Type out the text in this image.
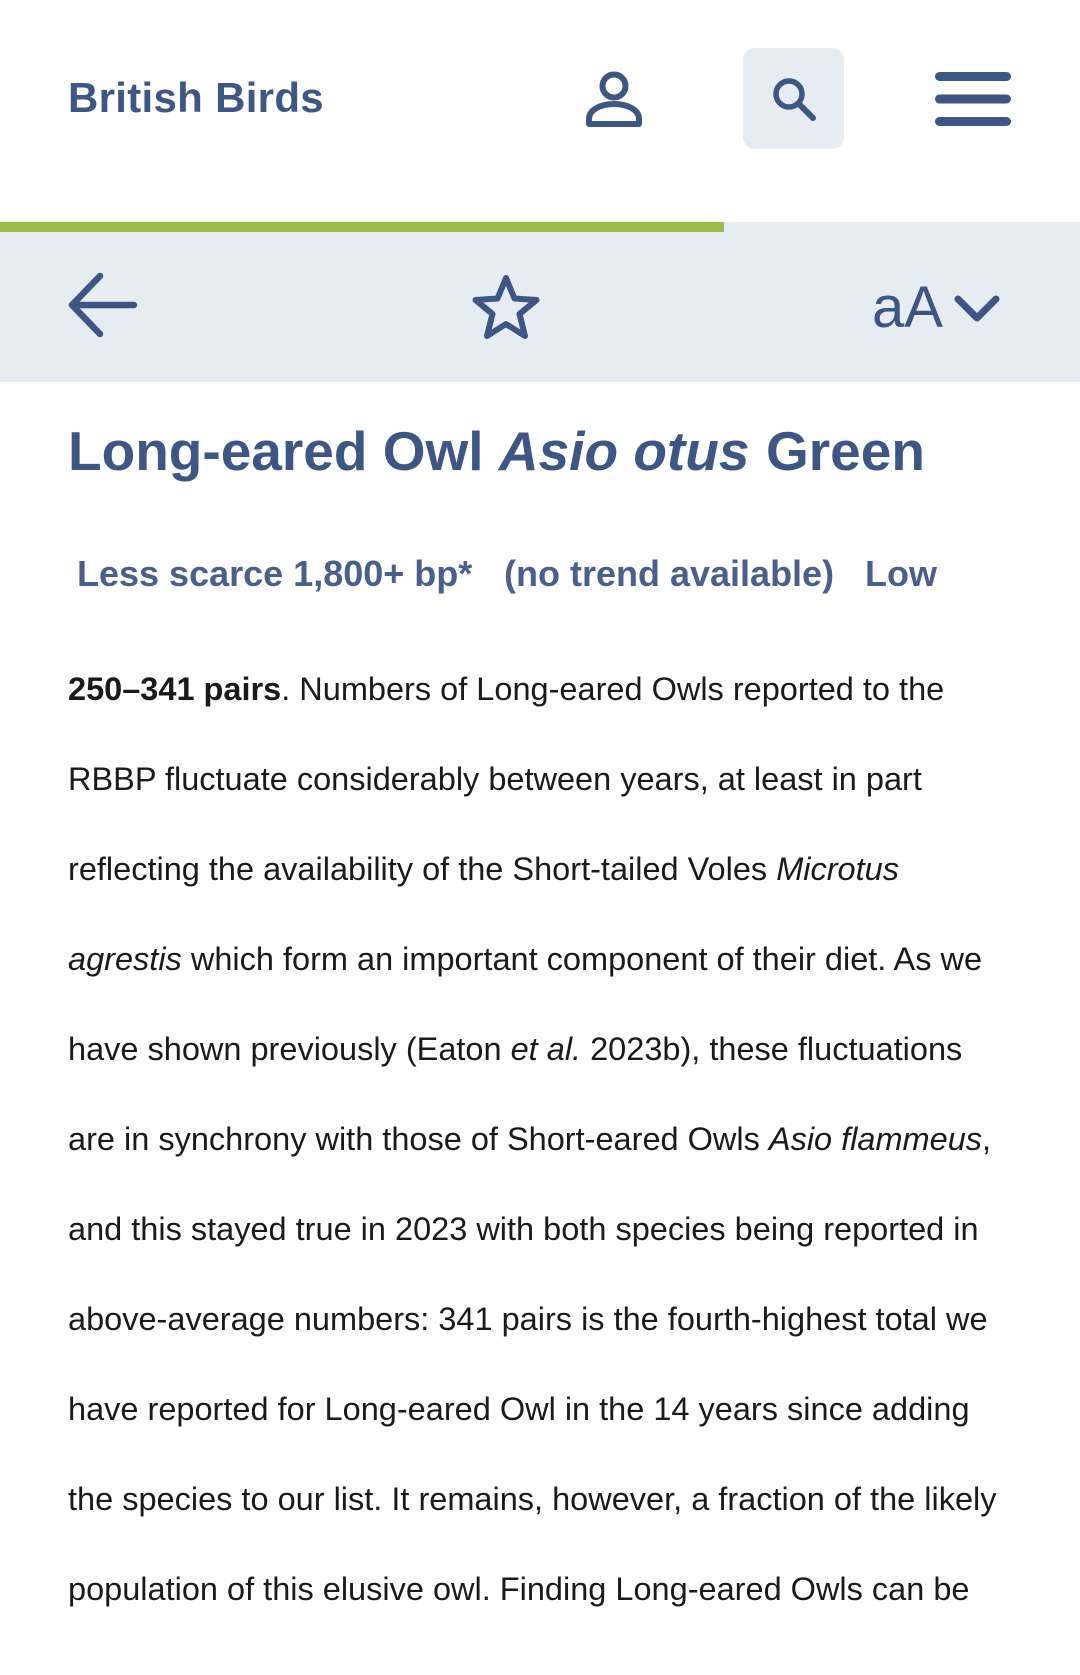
British Birds
aA
Long-eared Owl Asio otus Green
Less scarce 1,800+ bp* (no trend available) Low

250–341 pairs. Numbers of Long-eared Owls reported to the
RBBP fluctuate considerably between years, at least in part
reflecting the availability of the Short-tailed Voles Microtus
agrestis which form an important component of their diet. As we
have shown previously (Eaton et al. 2023b), these fluctuations
are in synchrony with those of Short-eared Owls Asio flammeus,
and this stayed true in 2023 with both species being reported in
above-average numbers: 341 pairs is the fourth-highest total we
have reported for Long-eared Owl in the 14 years since adding
the species to our list. It remains, however, a fraction of the likely
population of this elusive owl. Finding Long-eared Owls can be
